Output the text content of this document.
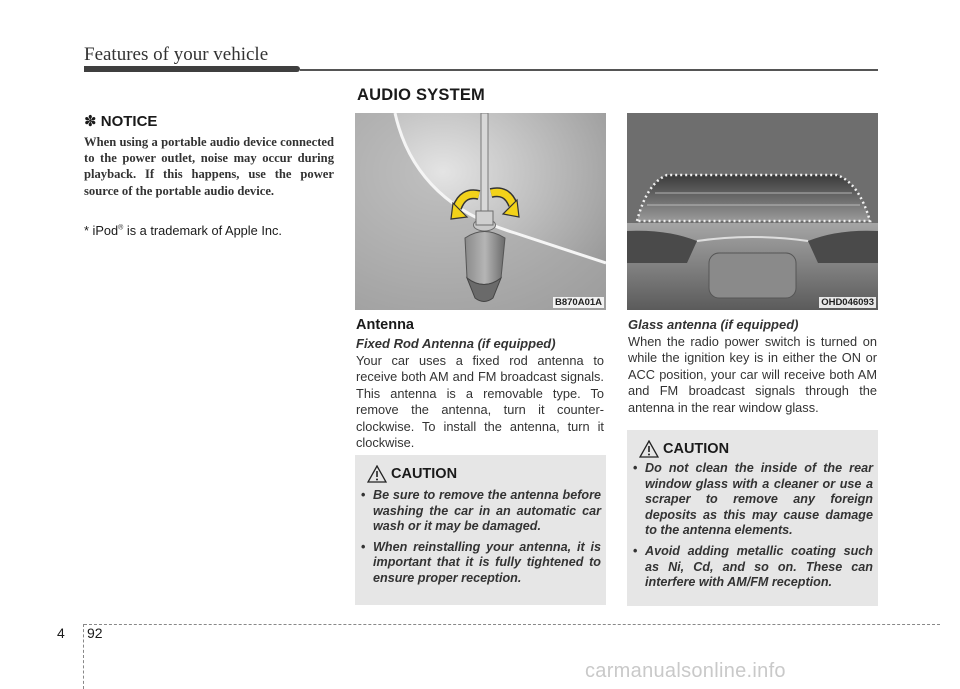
Features of your vehicle
AUDIO SYSTEM
✽ NOTICE
When using a portable audio device connected to the power outlet, noise may occur during playback. If this happens, use the power source of the portable audio device.
* iPod® is a trademark of Apple Inc.
B870A01A	OHD046093
Antenna
Fixed Rod Antenna (if equipped)
Your car uses a fixed rod antenna to receive both AM and FM broadcast signals. This antenna is a removable type. To remove the antenna, turn it counter-clockwise. To install the antenna, turn it clockwise.
CAUTION
• Be sure to remove the antenna before washing the car in an automatic car wash or it may be damaged.
• When reinstalling your antenna, it is important that it is fully tightened to ensure proper reception.
Glass antenna (if equipped)
When the radio power switch is turned on while the ignition key is in either the ON or ACC position, your car will receive both AM and FM broadcast signals through the antenna in the rear window glass.
CAUTION
• Do not clean the inside of the rear window glass with a cleaner or use a scraper to remove any foreign deposits as this may cause damage to the antenna elements.
• Avoid adding metallic coating such as Ni, Cd, and so on. These can interfere with AM/FM reception.
4 92
carmanualsonline.info
